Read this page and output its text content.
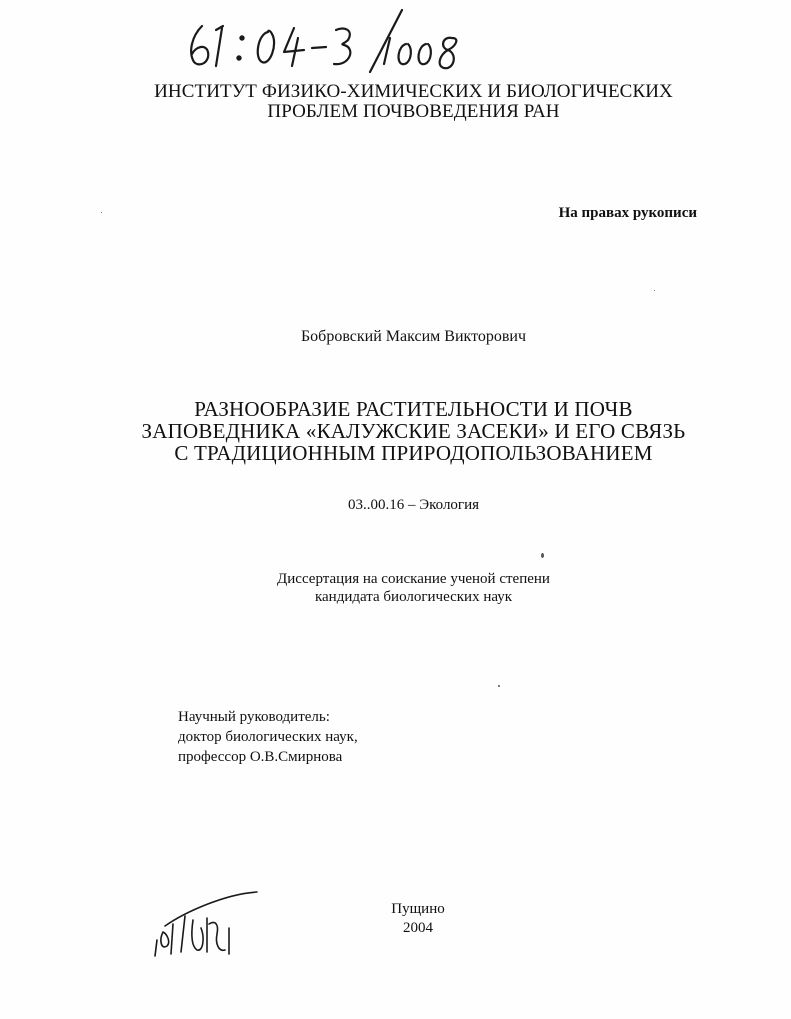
ИНСТИТУТ ФИЗИКО-ХИМИЧЕСКИХ И БИОЛОГИЧЕСКИХ
ПРОБЛЕМ ПОЧВОВЕДЕНИЯ РАН
На правах рукописи
Бобровский Максим Викторович
РАЗНООБРАЗИЕ РАСТИТЕЛЬНОСТИ И ПОЧВ
ЗАПОВЕДНИКА «КАЛУЖСКИЕ ЗАСЕКИ» И ЕГО СВЯЗЬ
С ТРАДИЦИОННЫМ ПРИРОДОПОЛЬЗОВАНИЕМ
03..00.16 – Экология
Диссертация на соискание ученой степени
кандидата биологических наук
Научный руководитель:
доктор биологических наук,
профессор О.В.Смирнова
Пущино
2004
